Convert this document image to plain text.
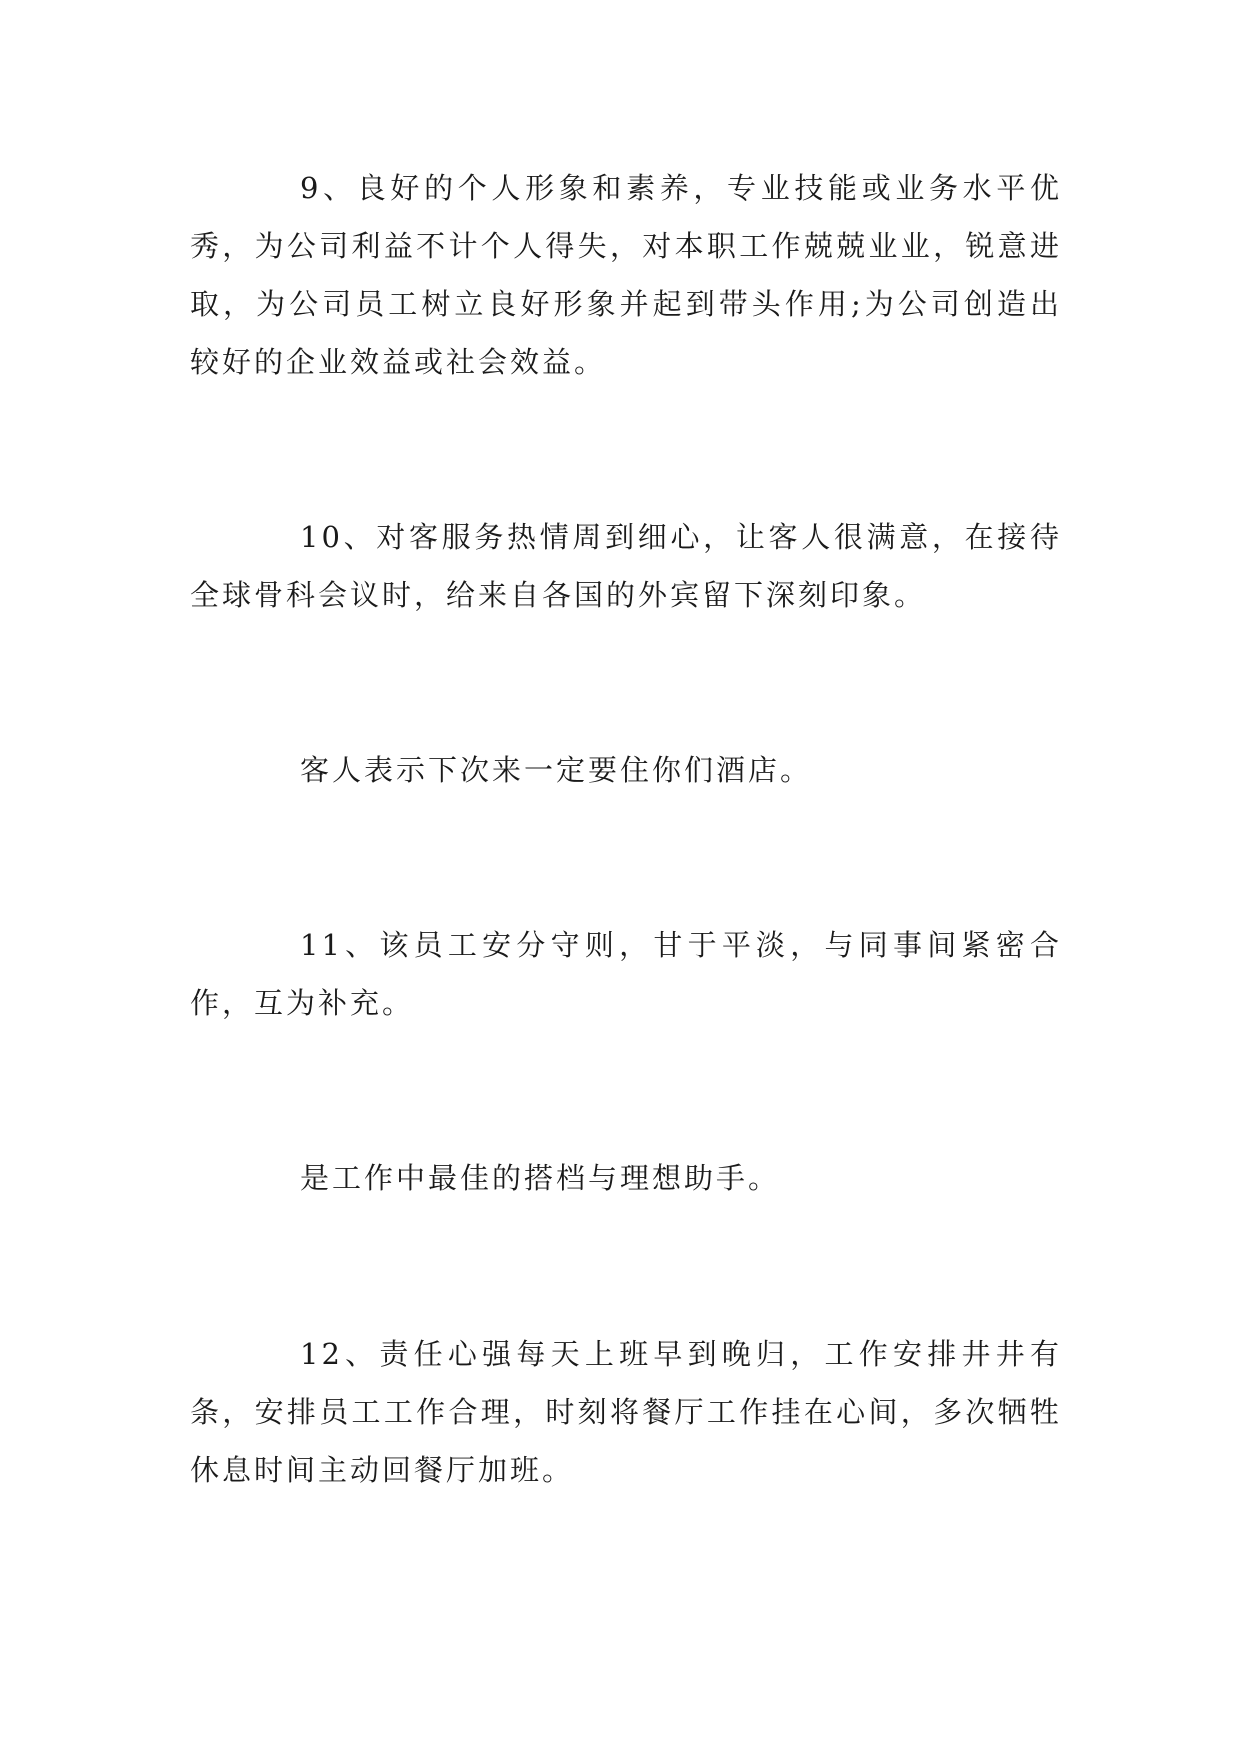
9、良好的个人形象和素养，专业技能或业务水平优秀，为公司利益不计个人得失，对本职工作兢兢业业，锐意进取，为公司员工树立良好形象并起到带头作用;为公司创造出较好的企业效益或社会效益。

10、对客服务热情周到细心，让客人很满意，在接待全球骨科会议时，给来自各国的外宾留下深刻印象。

客人表示下次来一定要住你们酒店。

11、该员工安分守则，甘于平淡，与同事间紧密合作，互为补充。

是工作中最佳的搭档与理想助手。

12、责任心强每天上班早到晚归，工作安排井井有条，安排员工工作合理，时刻将餐厅工作挂在心间，多次牺牲休息时间主动回餐厅加班。
